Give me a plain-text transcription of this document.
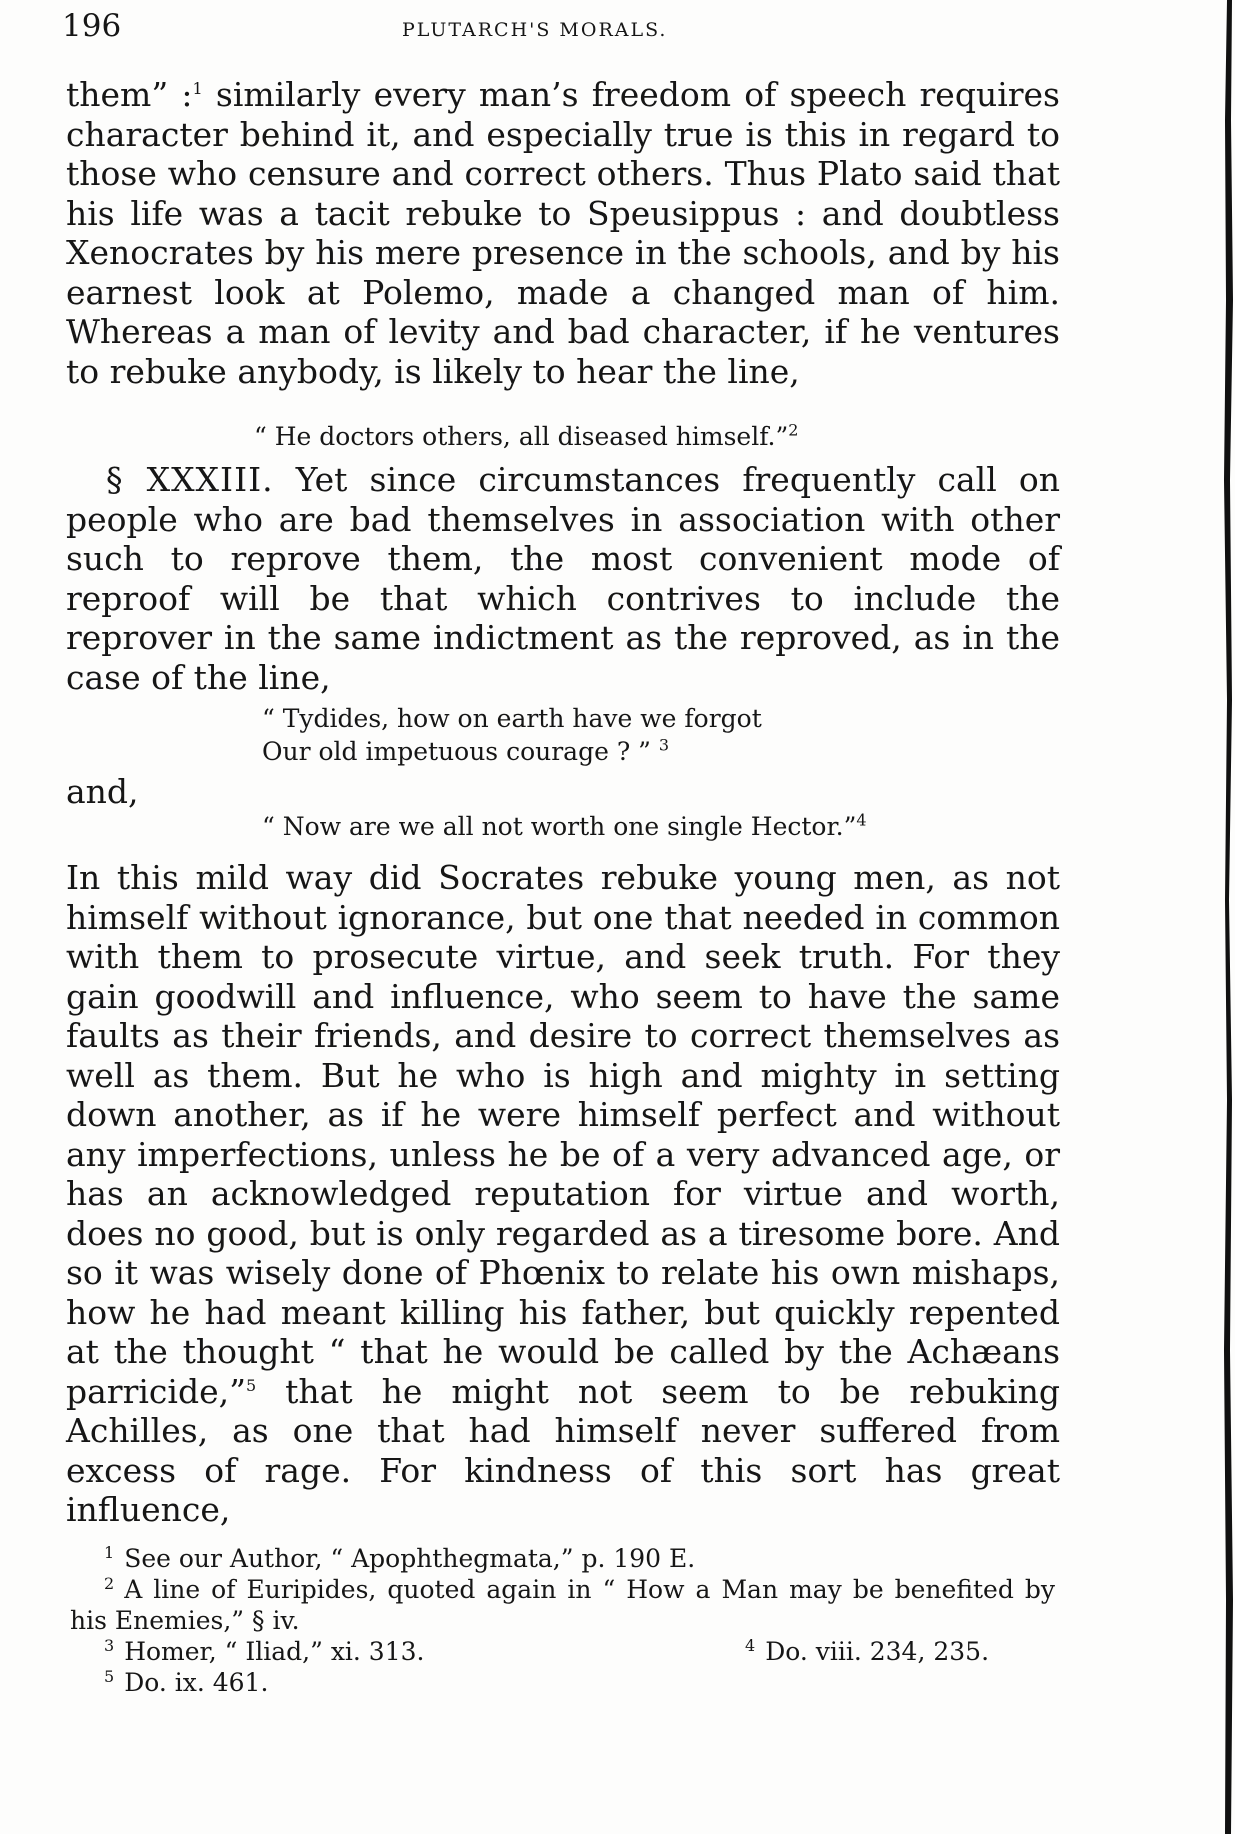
196	PLUTARCH'S MORALS.

them” :$^1$ similarly every man’s freedom of speech requires character behind it, and especially true is this in regard to those who censure and correct others. Thus Plato said that his life was a tacit rebuke to Speusippus : and doubtless Xenocrates by his mere presence in the schools, and by his earnest look at Polemo, made a changed man of him. Whereas a man of levity and bad character, if he ventures to rebuke anybody, is likely to hear the line,

“ He doctors others, all diseased himself.”$^2$

§ XXXIII. Yet since circumstances frequently call on people who are bad themselves in association with other such to reprove them, the most convenient mode of reproof will be that which contrives to include the reprover in the same indictment as the reproved, as in the case of the line,

“ Tydides, how on earth have we forgot
Our old impetuous courage ? ” $^3$
and,
“ Now are we all not worth one single Hector.”$^4$

In this mild way did Socrates rebuke young men, as not himself without ignorance, but one that needed in common with them to prosecute virtue, and seek truth. For they gain goodwill and influence, who seem to have the same faults as their friends, and desire to correct themselves as well as them. But he who is high and mighty in setting down another, as if he were himself perfect and without any imperfections, unless he be of a very advanced age, or has an acknowledged reputation for virtue and worth, does no good, but is only regarded as a tiresome bore. And so it was wisely done of Phœnix to relate his own mishaps, how he had meant killing his father, but quickly repented at the thought “ that he would be called by the Achæans parricide,”$^5$ that he might not seem to be rebuking Achilles, as one that had himself never suffered from excess of rage. For kindness of this sort has great influence,

$^1$ See our Author, “ Apophthegmata,” p. 190 E.

$^2$ A line of Euripides, quoted again in “ How a Man may be benefited by his Enemies,” § iv.

$^3$ Homer, “ Iliad,” xi. 313.	$^4$ Do. viii. 234, 235.

$^5$ Do. ix. 461.
